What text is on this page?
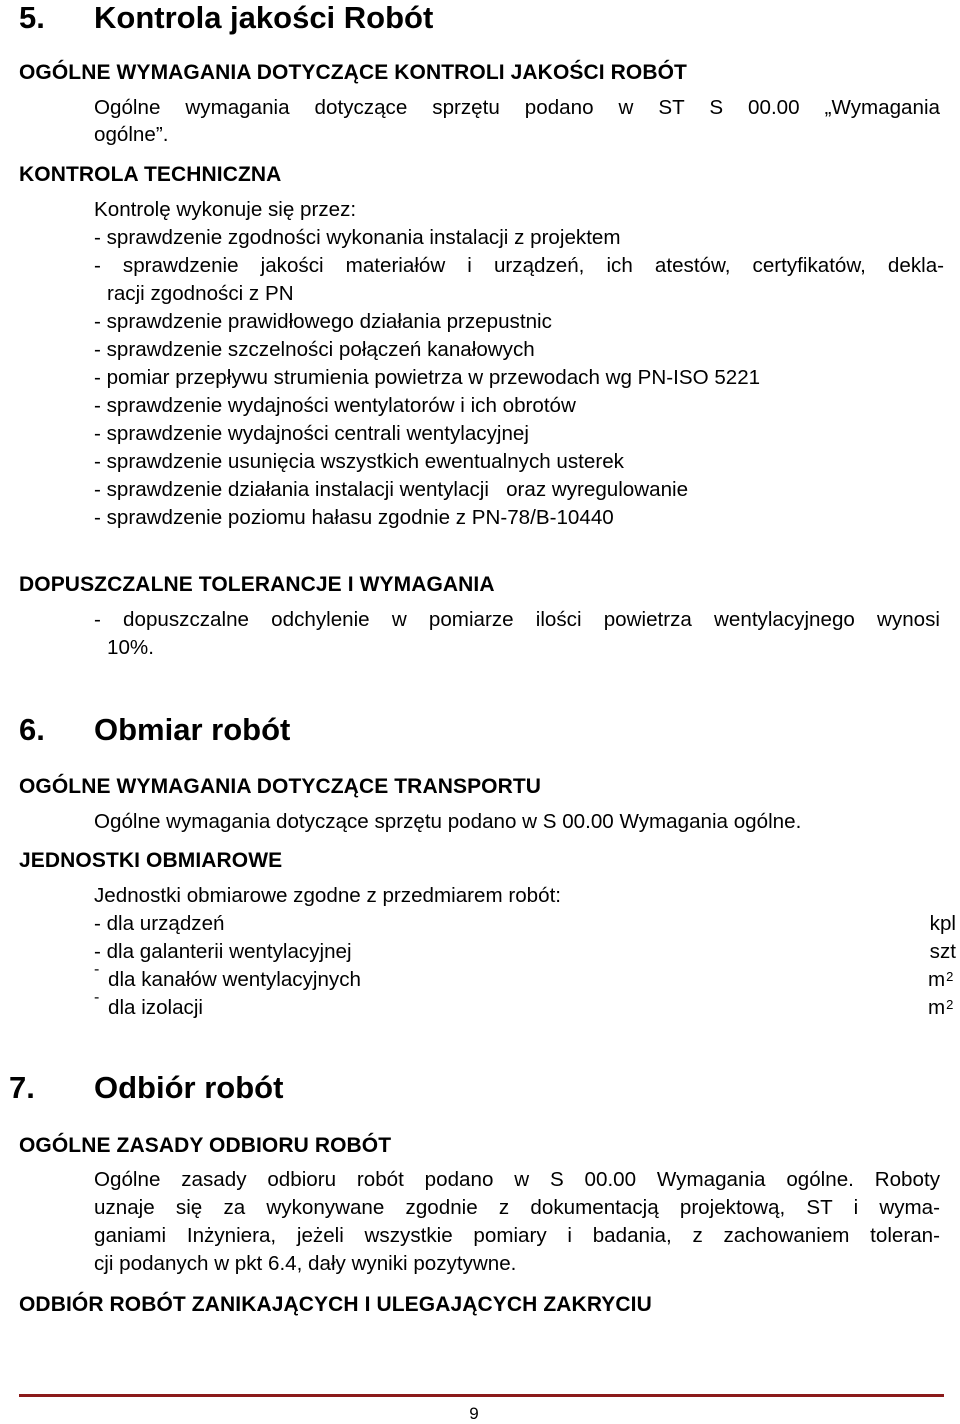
5. Kontrola jakości Robót
OGÓLNE WYMAGANIA DOTYCZĄCE KONTROLI JAKOŚCI ROBÓT
Ogólne wymagania dotyczące sprzętu podano w ST S 00.00 „Wymagania
ogólne”.
KONTROLA TECHNICZNA
Kontrolę wykonuje się przez:
- sprawdzenie zgodności wykonania instalacji z projektem
- sprawdzenie jakości materiałów i urządzeń, ich atestów, certyfikatów, dekla-
racji zgodności z PN
- sprawdzenie prawidłowego działania przepustnic
- sprawdzenie szczelności połączeń kanałowych
- pomiar przepływu strumienia powietrza w przewodach wg PN-ISO 5221
- sprawdzenie wydajności wentylatorów i ich obrotów
- sprawdzenie wydajności centrali wentylacyjnej
- sprawdzenie usunięcia wszystkich ewentualnych usterek
- sprawdzenie działania instalacji wentylacji   oraz wyregulowanie
- sprawdzenie poziomu hałasu zgodnie z PN-78/B-10440
DOPUSZCZALNE TOLERANCJE I WYMAGANIA
- dopuszczalne odchylenie w pomiarze ilości powietrza wentylacyjnego wynosi
10%.
6. Obmiar robót
OGÓLNE WYMAGANIA DOTYCZĄCE TRANSPORTU
Ogólne wymagania dotyczące sprzętu podano w S 00.00 Wymagania ogólne.
JEDNOSTKI OBMIAROWE
Jednostki obmiarowe zgodne z przedmiarem robót:
- dla urządzeń	kpl
- dla galanterii wentylacyjnej	szt
- dla kanałów wentylacyjnych	$m^2$
- dla izolacji	$m^2$
7. Odbiór robót
OGÓLNE ZASADY ODBIORU ROBÓT
Ogólne zasady odbioru robót podano w S 00.00 Wymagania ogólne. Roboty
uznaje się za wykonywane zgodnie z dokumentacją projektową, ST i wyma-
ganiami Inżyniera, jeżeli wszystkie pomiary i badania, z zachowaniem toleran-
cji podanych w pkt 6.4, dały wyniki pozytywne.
ODBIÓR ROBÓT ZANIKAJĄCYCH I ULEGAJĄCYCH ZAKRYCIU
9
